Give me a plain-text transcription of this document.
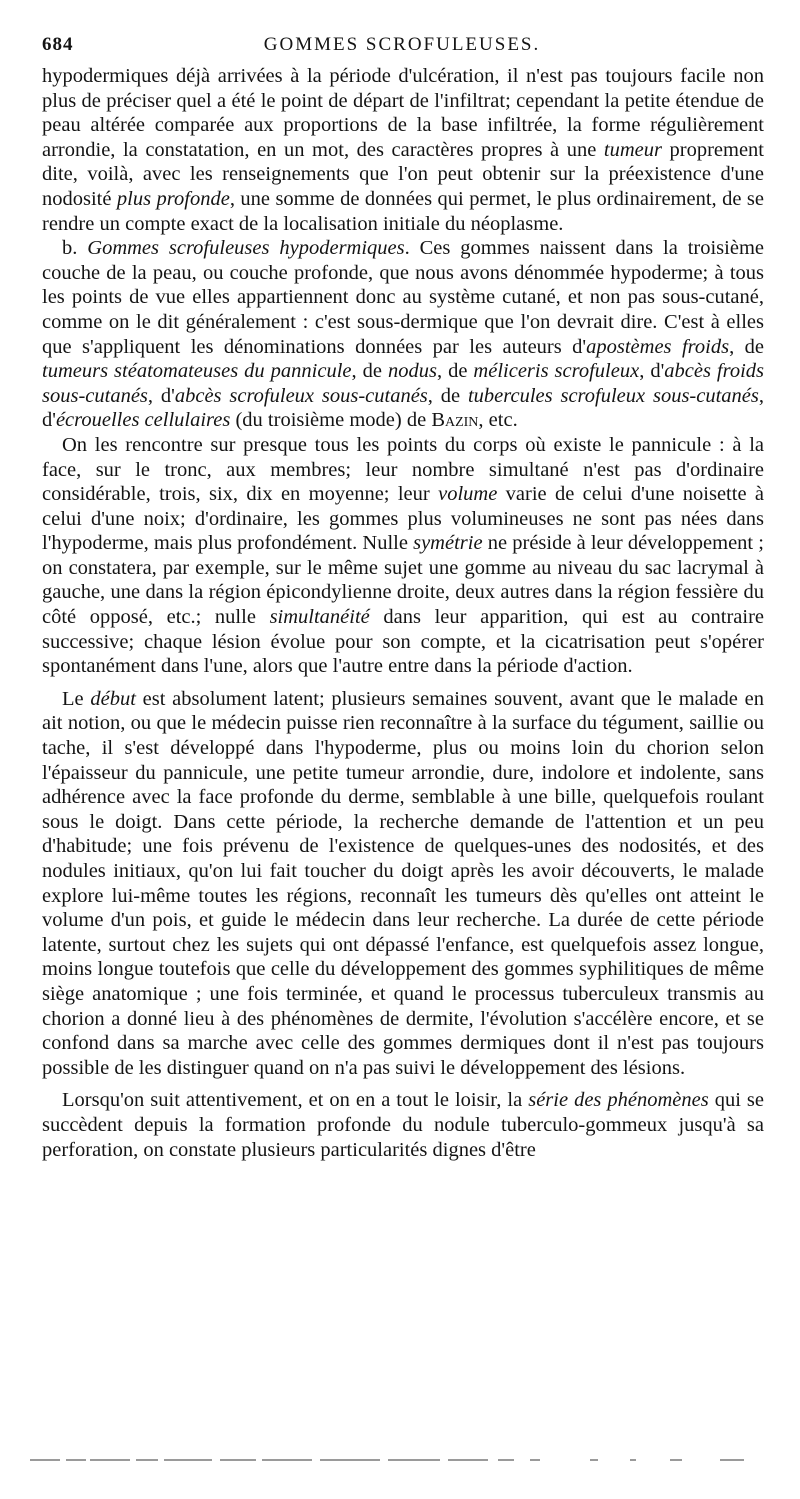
684	GOMMES SCROFULEUSES.

hypodermiques déjà arrivées à la période d'ulcération, il n'est pas toujours facile non plus de préciser quel a été le point de départ de l'infiltrat; cependant la petite étendue de peau altérée comparée aux proportions de la base infiltrée, la forme régulièrement arrondie, la constatation, en un mot, des caractères propres à une tumeur proprement dite, voilà, avec les renseignements que l'on peut obtenir sur la préexistence d'une nodosité plus profonde, une somme de données qui permet, le plus ordinairement, de se rendre un compte exact de la localisation initiale du néoplasme.

b. Gommes scrofuleuses hypodermiques. Ces gommes naissent dans la troisième couche de la peau, ou couche profonde, que nous avons dénommée hypoderme; à tous les points de vue elles appartiennent donc au système cutané, et non pas sous-cutané, comme on le dit généralement : c'est sous-dermique que l'on devrait dire. C'est à elles que s'appliquent les dénominations données par les auteurs d'apostèmes froids, de tumeurs stéatomateuses du pannicule, de nodus, de méliceris scrofuleux, d'abcès froids sous-cutanés, d'abcès scrofuleux sous-cutanés, de tubercules scrofuleux sous-cutanés, d'écrouelles cellulaires (du troisième mode) de Bazin, etc.

On les rencontre sur presque tous les points du corps où existe le pannicule : à la face, sur le tronc, aux membres; leur nombre simultané n'est pas d'ordinaire considérable, trois, six, dix en moyenne; leur volume varie de celui d'une noisette à celui d'une noix; d'ordinaire, les gommes plus volumineuses ne sont pas nées dans l'hypoderme, mais plus profondément. Nulle symétrie ne préside à leur développement ; on constatera, par exemple, sur le même sujet une gomme au niveau du sac lacrymal à gauche, une dans la région épicondylienne droite, deux autres dans la région fessière du côté opposé, etc.; nulle simultanéité dans leur apparition, qui est au contraire successive; chaque lésion évolue pour son compte, et la cicatrisation peut s'opérer spontanément dans l'une, alors que l'autre entre dans la période d'action.

Le début est absolument latent; plusieurs semaines souvent, avant que le malade en ait notion, ou que le médecin puisse rien reconnaître à la surface du tégument, saillie ou tache, il s'est développé dans l'hypoderme, plus ou moins loin du chorion selon l'épaisseur du pannicule, une petite tumeur arrondie, dure, indolore et indolente, sans adhérence avec la face profonde du derme, semblable à une bille, quelquefois roulant sous le doigt. Dans cette période, la recherche demande de l'attention et un peu d'habitude; une fois prévenu de l'existence de quelques-unes des nodosités, et des nodules initiaux, qu'on lui fait toucher du doigt après les avoir découverts, le malade explore lui-même toutes les régions, reconnaît les tumeurs dès qu'elles ont atteint le volume d'un pois, et guide le médecin dans leur recherche. La durée de cette période latente, surtout chez les sujets qui ont dépassé l'enfance, est quelquefois assez longue, moins longue toutefois que celle du développement des gommes syphilitiques de même siège anatomique ; une fois terminée, et quand le processus tuberculeux transmis au chorion a donné lieu à des phénomènes de dermite, l'évolution s'accélère encore, et se confond dans sa marche avec celle des gommes dermiques dont il n'est pas toujours possible de les distinguer quand on n'a pas suivi le développement des lésions.

Lorsqu'on suit attentivement, et on en a tout le loisir, la série des phénomènes qui se succèdent depuis la formation profonde du nodule tuberculo-gommeux jusqu'à sa perforation, on constate plusieurs particularités dignes d'être
